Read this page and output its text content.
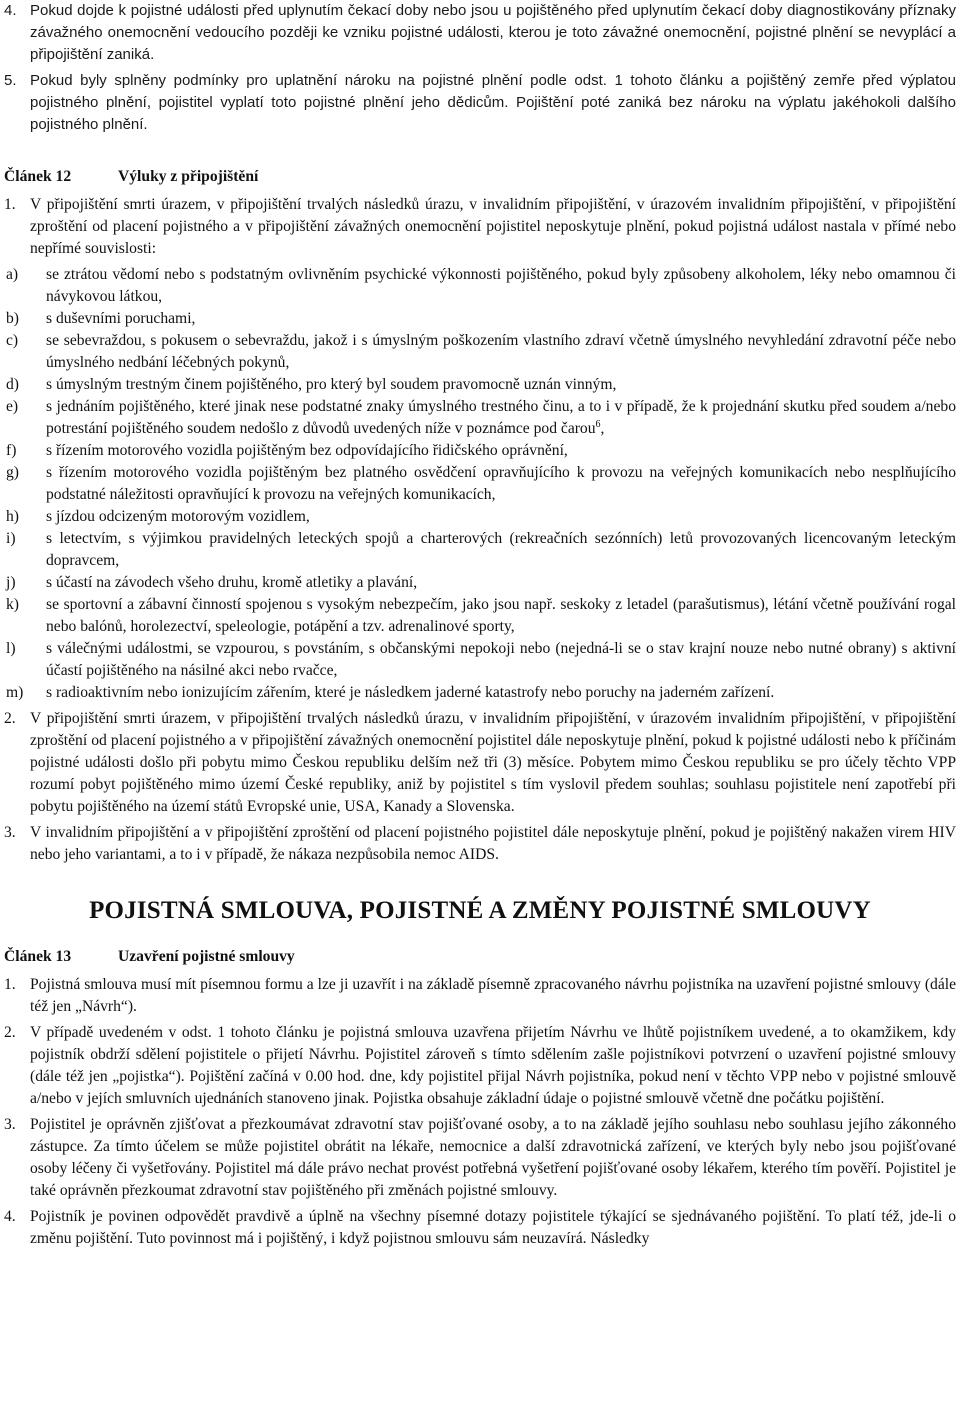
4.	Pokud dojde k pojistné události před uplynutím čekací doby nebo jsou u pojištěného před uplynutím čekací doby diagnostikovány příznaky závažného onemocnění vedoucího později ke vzniku pojistné události, kterou je toto závažné onemocnění, pojistné plnění se nevyplácí a připojištění zaniká.
5.	Pokud byly splněny podmínky pro uplatnění nároku na pojistné plnění podle odst. 1 tohoto článku a pojištěný zemře před výplatou pojistného plnění, pojistitel vyplatí toto pojistné plnění jeho dědicům. Pojištění poté zaniká bez nároku na výplatu jakéhokoli dalšího pojistného plnění.
Článek 12	Výluky z připojištění
1.	V připojištění smrti úrazem, v připojištění trvalých následků úrazu, v invalidním připojištění, v úrazovém invalidním připojištění, v připojištění zproštění od placení pojistného a v připojištění závažných onemocnění pojistitel neposkytuje plnění, pokud pojistná událost nastala v přímé nebo nepřímé souvislosti:
a)	se ztrátou vědomí nebo s podstatným ovlivněním psychické výkonnosti pojištěného, pokud byly způsobeny alkoholem, léky nebo omamnou či návykovou látkou,
b)	s duševními poruchami,
c)	se sebevraždou, s pokusem o sebevraždu, jakož i s úmyslným poškozením vlastního zdraví včetně úmyslného nevyhledání zdravotní péče nebo úmyslného nedbání léčebných pokynů,
d)	s úmyslným trestným činem pojištěného, pro který byl soudem pravomocně uznán vinným,
e)	s jednáním pojištěného, které jinak nese podstatné znaky úmyslného trestného činu, a to i v případě, že k projednání skutku před soudem a/nebo potrestání pojištěného soudem nedošlo z důvodů uvedených níže v poznámce pod čarou$^6$,
f)	s řízením motorového vozidla pojištěným bez odpovídajícího řidičského oprávnění,
g)	s řízením motorového vozidla pojištěným bez platného osvědčení opravňujícího k provozu na veřejných komunikacích nebo nesplňujícího podstatné náležitosti opravňující k provozu na veřejných komunikacích,
h)	s jízdou odcizeným motorovým vozidlem,
i)	s letectvím, s výjimkou pravidelných leteckých spojů a charterových (rekreačních sezónních) letů provozovaných licencovaným leteckým dopravcem,
j)	s účastí na závodech všeho druhu, kromě atletiky a plavání,
k)	se sportovní a zábavní činností spojenou s vysokým nebezpečím, jako jsou např. seskoky z letadel (parašutismus), létání včetně používání rogal nebo balónů, horolezectví, speleologie, potápění a tzv. adrenalinové sporty,
l)	s válečnými událostmi, se vzpourou, s povstáním, s občanskými nepokoji nebo (nejedná-li se o stav krajní nouze nebo nutné obrany) s aktivní účastí pojištěného na násilné akci nebo rvačce,
m)	s radioaktivním nebo ionizujícím zářením, které je následkem jaderné katastrofy nebo poruchy na jaderném zařízení.
2.	V připojištění smrti úrazem, v připojištění trvalých následků úrazu, v invalidním připojištění, v úrazovém invalidním připojištění, v připojištění zproštění od placení pojistného a v připojištění závažných onemocnění pojistitel dále neposkytuje plnění, pokud k pojistné události nebo k příčinám pojistné události došlo při pobytu mimo Českou republiku delším než tři (3) měsíce. Pobytem mimo Českou republiku se pro účely těchto VPP rozumí pobyt pojištěného mimo území České republiky, aniž by pojistitel s tím vyslovil předem souhlas; souhlasu pojistitele není zapotřebí při pobytu pojištěného na území států Evropské unie, USA, Kanady a Slovenska.
3.	V invalidním připojištění a v připojištění zproštění od placení pojistného pojistitel dále neposkytuje plnění, pokud je pojištěný nakažen virem HIV nebo jeho variantami, a to i v případě, že nákaza nezpůsobila nemoc AIDS.
POJISTNÁ SMLOUVA, POJISTNÉ A ZMĚNY POJISTNÉ SMLOUVY
Článek 13	Uzavření pojistné smlouvy
1.	Pojistná smlouva musí mít písemnou formu a lze ji uzavřít i na základě písemně zpracovaného návrhu pojistníka na uzavření pojistné smlouvy (dále též jen „Návrh“).
2.	V případě uvedeném v odst. 1 tohoto článku je pojistná smlouva uzavřena přijetím Návrhu ve lhůtě pojistníkem uvedené, a to okamžikem, kdy pojistník obdrží sdělení pojistitele o přijetí Návrhu. Pojistitel zároveň s tímto sdělením zašle pojistníkovi potvrzení o uzavření pojistné smlouvy (dále též jen „pojistka“). Pojištění začíná v 0.00 hod. dne, kdy pojistitel přijal Návrh pojistníka, pokud není v těchto VPP nebo v pojistné smlouvě a/nebo v jejích smluvních ujednáních stanoveno jinak. Pojistka obsahuje základní údaje o pojistné smlouvě včetně dne počátku pojištění.
3.	Pojistitel je oprávněn zjišťovat a přezkoumávat zdravotní stav pojišťované osoby, a to na základě jejího souhlasu nebo souhlasu jejího zákonného zástupce. Za tímto účelem se může pojistitel obrátit na lékaře, nemocnice a další zdravotnická zařízení, ve kterých byly nebo jsou pojišťované osoby léčeny či vyšetřovány. Pojistitel má dále právo nechat provést potřebná vyšetření pojišťované osoby lékařem, kterého tím pověří. Pojistitel je také oprávněn přezkoumat zdravotní stav pojištěného při změnách pojistné smlouvy.
4.	Pojistník je povinen odpovědět pravdivě a úplně na všechny písemné dotazy pojistitele týkající se sjednávaného pojištění. To platí též, jde-li o změnu pojištění. Tuto povinnost má i pojištěný, i když pojistnou smlouvu sám neuzavírá. Následky
